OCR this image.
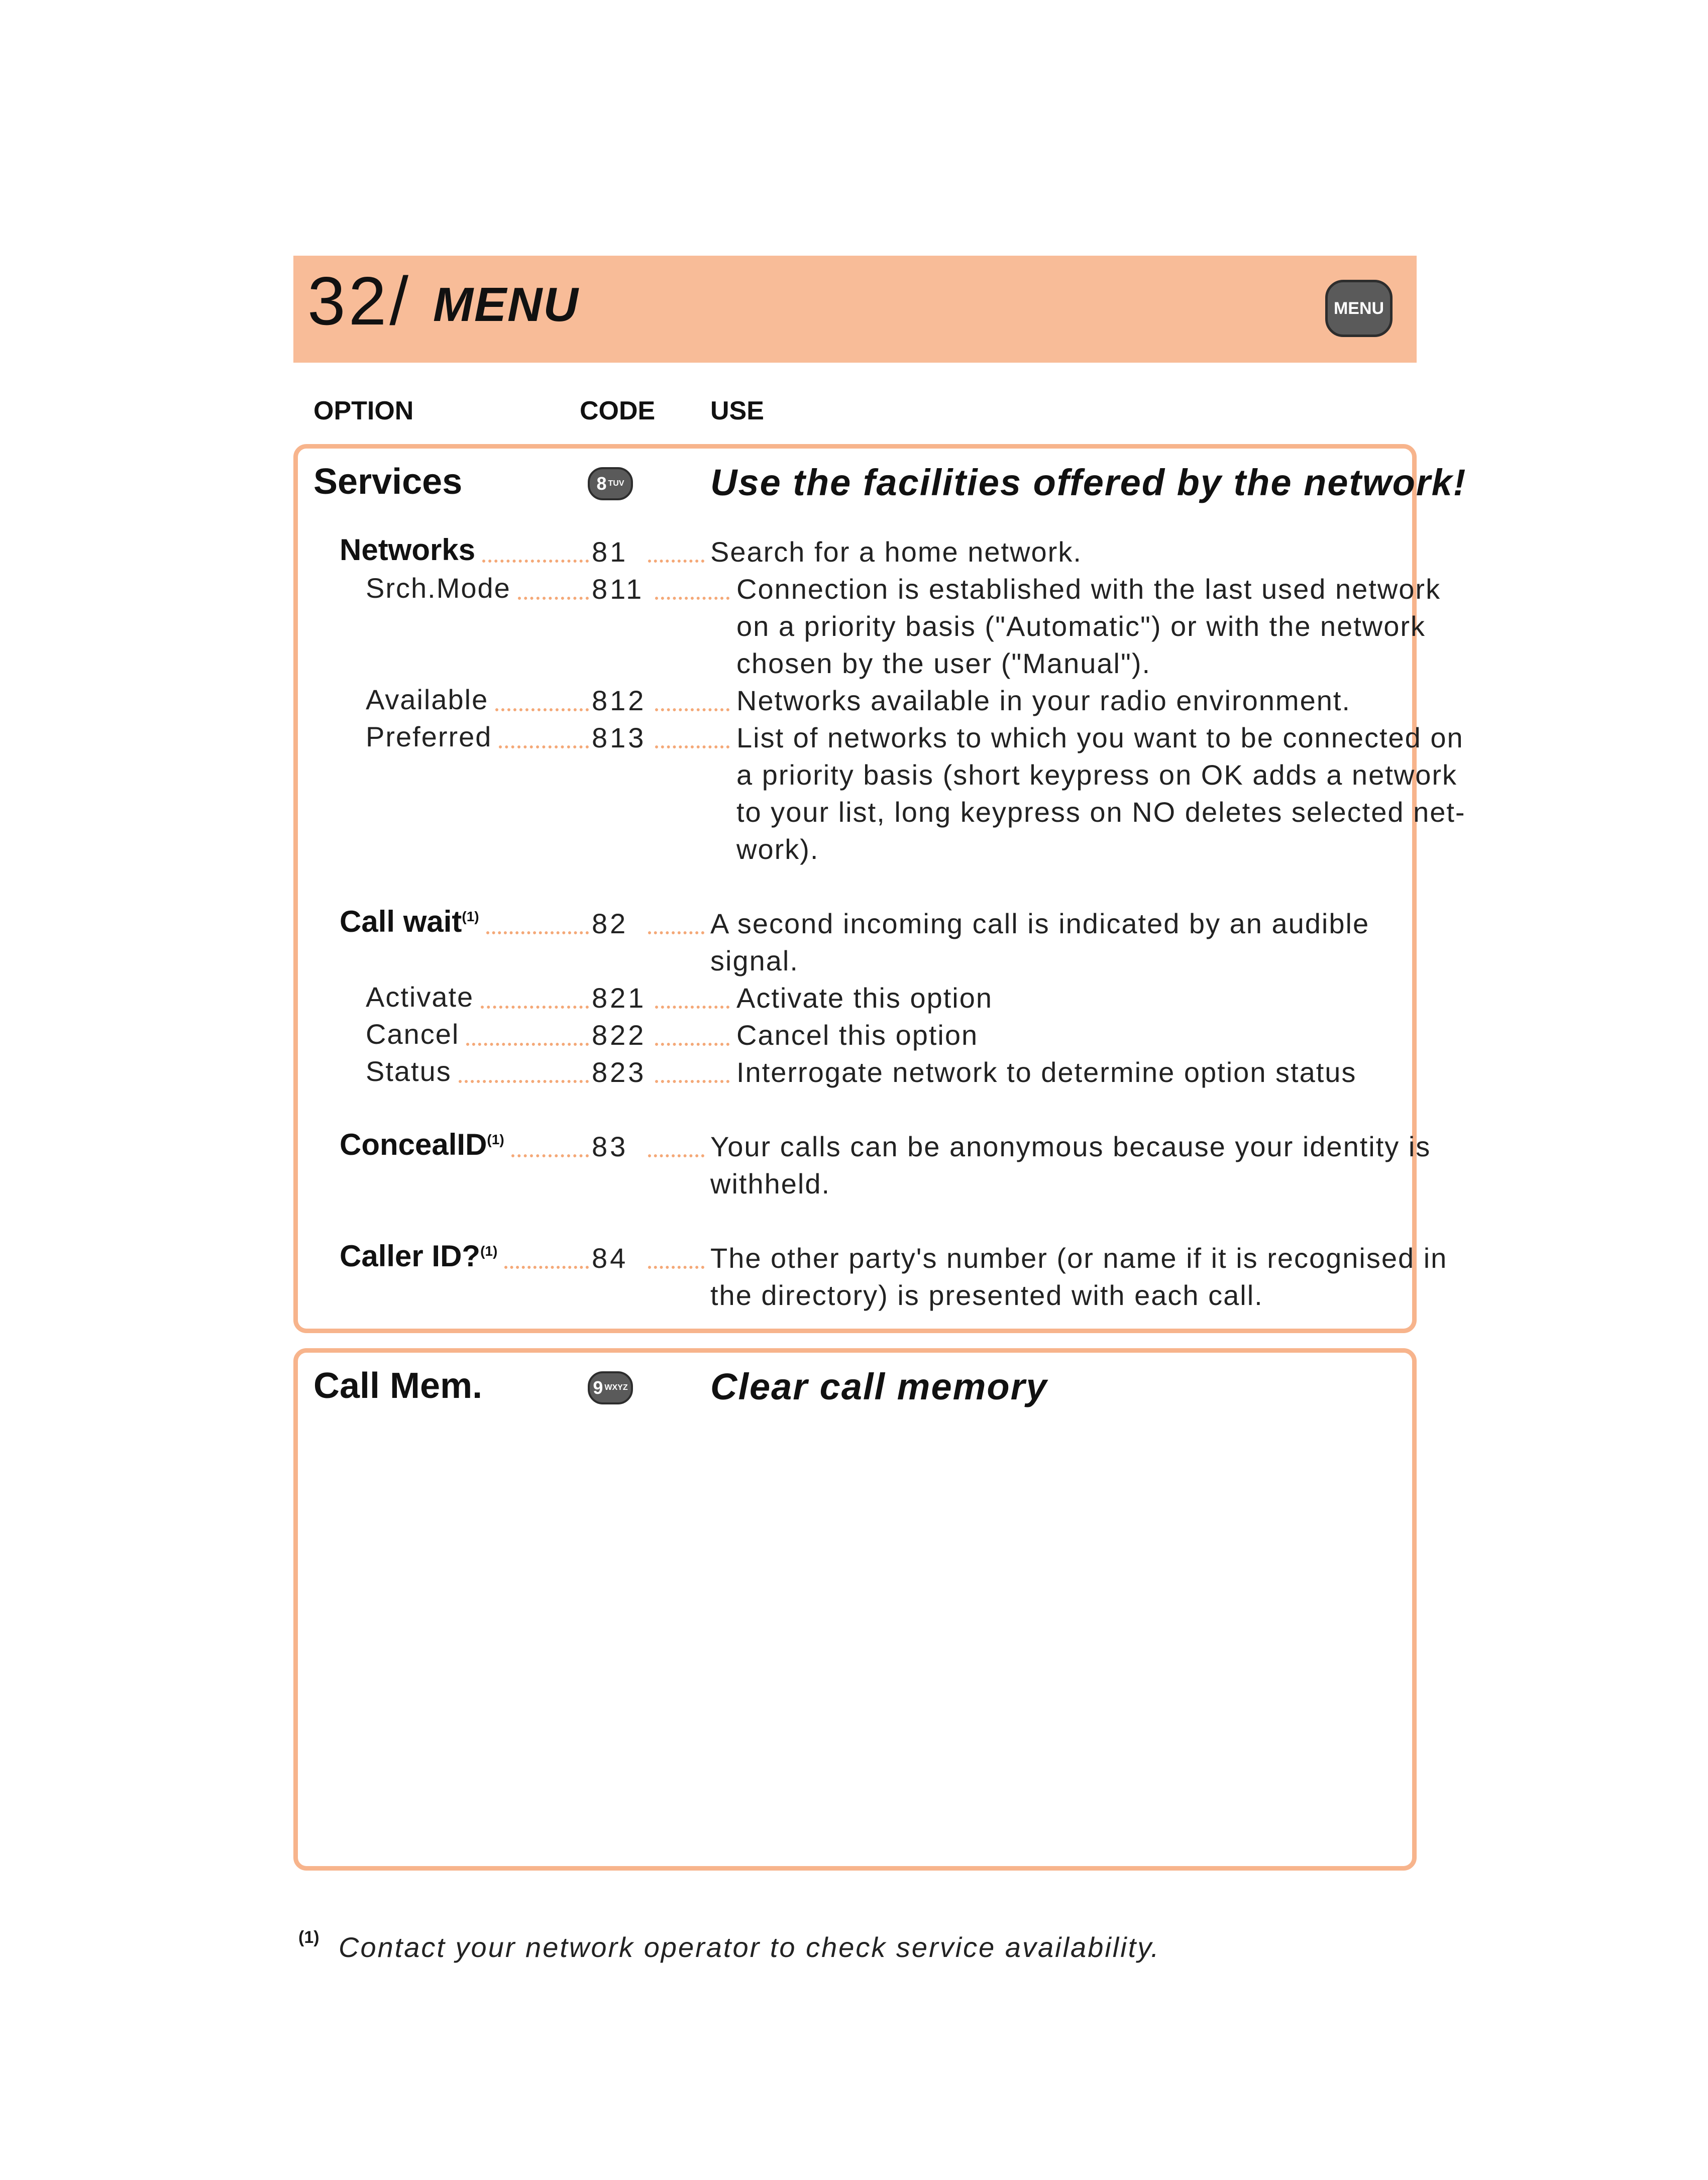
32/ MENU	MENU
OPTION	CODE USE
Services	8 TUV Use the facilities offered by the network!
Networks	81	Search for a home network.
Srch.Mode	811	Connection is established with the last used network
on a priority basis ("Automatic") or with the network
chosen by the user ("Manual").
Available	812	Networks available in your radio environment.
Preferred	813	List of networks to which you want to be connected on
a priority basis (short keypress on OK adds a network
to your list, long keypress on NO deletes selected net-
work).
Call wait$^{(1)}$	82	A second incoming call is indicated by an audible
signal.
Activate	821	Activate this option
Cancel	822	Cancel this option
Status	823	Interrogate network to determine option status
ConcealID$^{(1)}$	83	Your calls can be anonymous because your identity is
withheld.
Caller ID?$^{(1)}$	84	The other party's number (or name if it is recognised in
the directory) is presented with each call.
Call Mem.	9 WXYZ Clear call memory
(1) Contact your network operator to check service availability.
